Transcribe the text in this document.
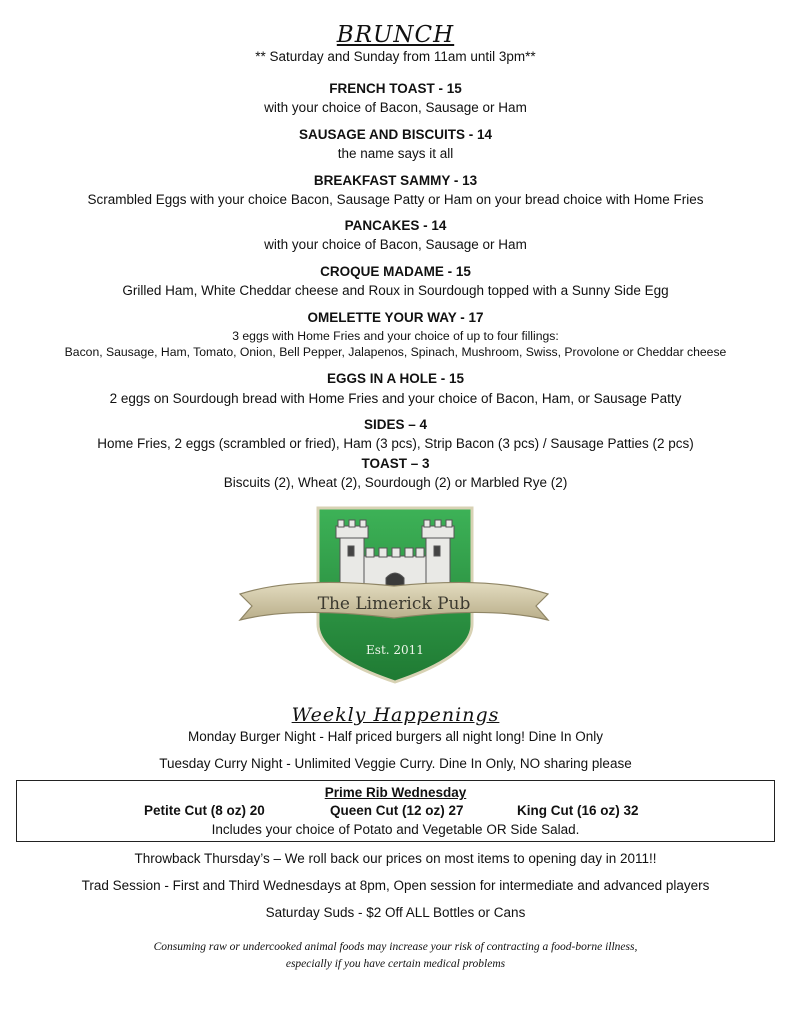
BRUNCH
** Saturday and Sunday from 11am until 3pm**
FRENCH TOAST - 15
with your choice of Bacon, Sausage or Ham
SAUSAGE AND BISCUITS - 14
the name says it all
BREAKFAST SAMMY - 13
Scrambled Eggs with your choice Bacon, Sausage Patty or Ham on your bread choice with Home Fries
PANCAKES - 14
with your choice of Bacon, Sausage or Ham
CROQUE MADAME - 15
Grilled Ham, White Cheddar cheese and Roux in Sourdough topped with a Sunny Side Egg
OMELETTE YOUR WAY - 17
3 eggs with Home Fries and your choice of up to four fillings:
Bacon, Sausage, Ham, Tomato, Onion, Bell Pepper, Jalapenos, Spinach, Mushroom, Swiss, Provolone or Cheddar cheese
EGGS IN A HOLE - 15
2 eggs on Sourdough bread with Home Fries and your choice of Bacon, Ham, or Sausage Patty
SIDES – 4
Home Fries, 2 eggs (scrambled or fried), Ham (3 pcs), Strip Bacon (3 pcs) / Sausage Patties (2 pcs)
TOAST – 3
Biscuits (2), Wheat (2), Sourdough (2) or Marbled Rye (2)
The Limerick Pub
Est. 2011
Weekly Happenings
Monday Burger Night - Half priced burgers all night long! Dine In Only
Tuesday Curry Night - Unlimited Veggie Curry. Dine In Only, NO sharing please
Prime Rib Wednesday
Petite Cut (8 oz) 20	Queen Cut (12 oz) 27	King Cut (16 oz) 32
Includes your choice of Potato and Vegetable OR Side Salad.
Throwback Thursday’s – We roll back our prices on most items to opening day in 2011!!
Trad Session - First and Third Wednesdays at 8pm, Open session for intermediate and advanced players
Saturday Suds - $2 Off ALL Bottles or Cans
Consuming raw or undercooked animal foods may increase your risk of contracting a food-borne illness,
especially if you have certain medical problems
